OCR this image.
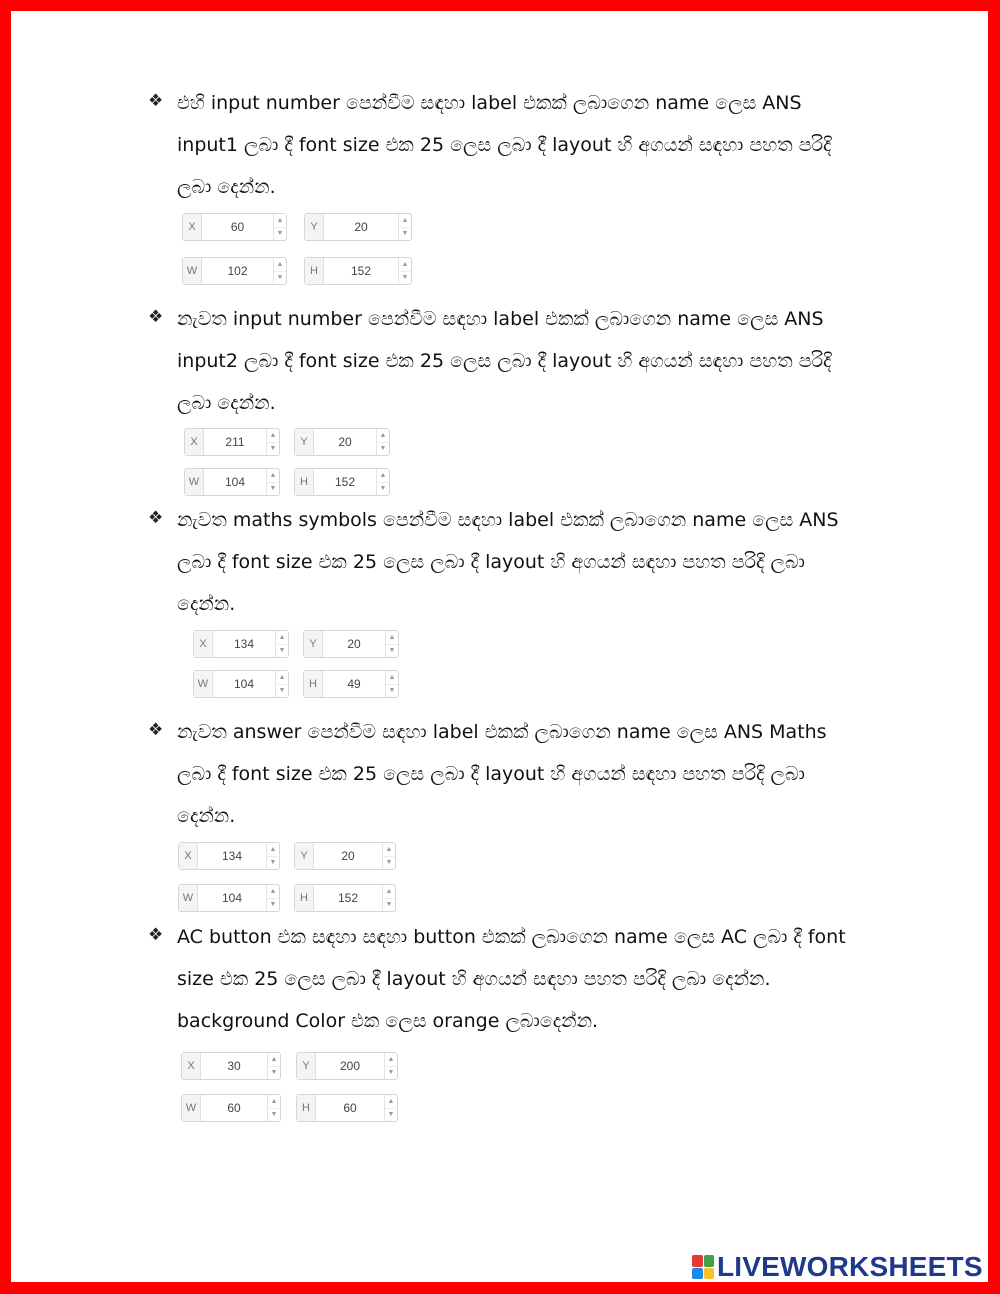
❖ එහි input number පෙන්වීම සඳහා label එකක් ලබාගෙන name ලෙස ANS
input1 ලබා දී font size එක 25 ලෙස ලබා දී layout හි අගයන් සඳහා පහත පරිදි
ලබා දෙන්න.
X	60	▲
▼
Y	20	▲
▼
W	102	▲
▼
H	152	▲
▼
❖ නැවත input number පෙන්වීම සඳහා label එකක් ලබාගෙන name ලෙස ANS
input2 ලබා දී font size එක 25 ලෙස ලබා දී layout හි අගයන් සඳහා පහත පරිදි
ලබා දෙන්න.
X	211	▲
▼
Y	20	▲
▼
W	104	▲
▼
H	152	▲
▼
❖ නැවත maths symbols පෙන්වීම සඳහා label එකක් ලබාගෙන name ලෙස ANS
ලබා දී font size එක 25 ලෙස ලබා දී layout හි අගයන් සඳහා පහත පරිදි ලබා
දෙන්න.
X	134	▲
▼
Y	20	▲
▼
W	104	▲
▼
H	49	▲
▼
❖ නැවත answer පෙන්වීම සඳහා label එකක් ලබාගෙන name ලෙස ANS Maths
ලබා දී font size එක 25 ලෙස ලබා දී layout හි අගයන් සඳහා පහත පරිදි ලබා
දෙන්න.
X	134	▲
▼
Y	20	▲
▼
W	104	▲
▼
H	152	▲
▼
❖ AC button එක සඳහා සඳහා button එකක් ලබාගෙන name ලෙස AC ලබා දී font
size එක 25 ලෙස ලබා දී layout හි අගයන් සඳහා පහත පරිදි ලබා දෙන්න.
background Color එක ලෙස orange ලබාදෙන්න.
X	30	▲
▼
Y	200	▲
▼
W	60	▲
▼
H	60	▲
▼
LIVEWORKSHEETS
